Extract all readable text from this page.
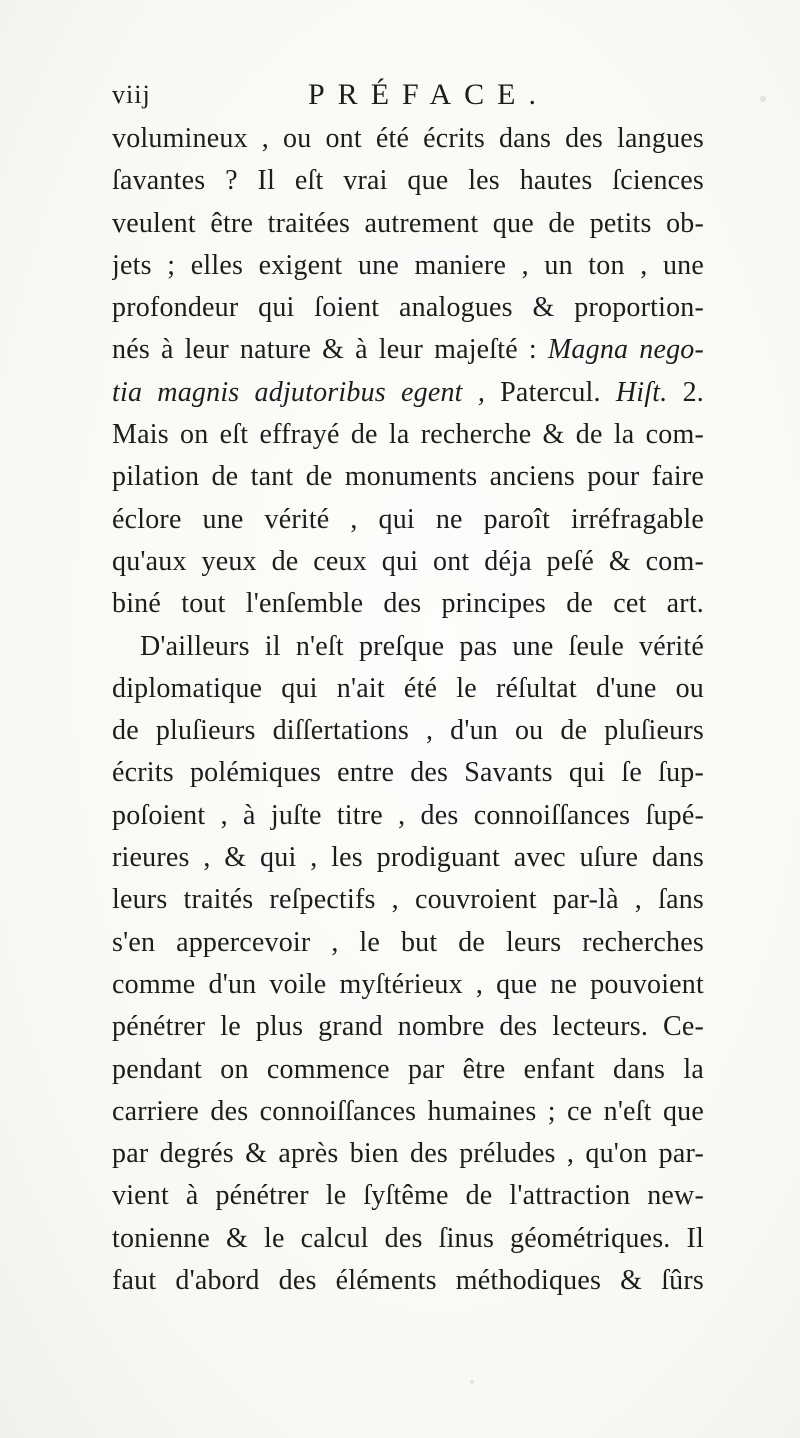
viij	PRÉFACE.
volumineux , ou ont été écrits dans des langues
ſavantes ? Il eſt vrai que les hautes ſciences
veulent être traitées autrement que de petits ob-
jets ; elles exigent une maniere , un ton , une
profondeur qui ſoient analogues & proportion-
nés à leur nature & à leur majeſté : Magna nego-
tia magnis adjutoribus egent , Patercul. Hiſt. 2.
Mais on eſt effrayé de la recherche & de la com-
pilation de tant de monuments anciens pour faire
éclore une vérité , qui ne paroît irréfragable
qu'aux yeux de ceux qui ont déja peſé & com-
biné tout l'enſemble des principes de cet art.
D'ailleurs il n'eſt preſque pas une ſeule vérité
diplomatique qui n'ait été le réſultat d'une ou
de pluſieurs diſſertations , d'un ou de pluſieurs
écrits polémiques entre des Savants qui ſe ſup-
poſoient , à juſte titre , des connoiſſances ſupé-
rieures , & qui , les prodiguant avec uſure dans
leurs traités reſpectifs , couvroient par-là , ſans
s'en appercevoir , le but de leurs recherches
comme d'un voile myſtérieux , que ne pouvoient
pénétrer le plus grand nombre des lecteurs. Ce-
pendant on commence par être enfant dans la
carriere des connoiſſances humaines ; ce n'eſt que
par degrés & après bien des préludes , qu'on par-
vient à pénétrer le ſyſtême de l'attraction new-
tonienne & le calcul des ſinus géométriques. Il
faut d'abord des éléments méthodiques & ſûrs
